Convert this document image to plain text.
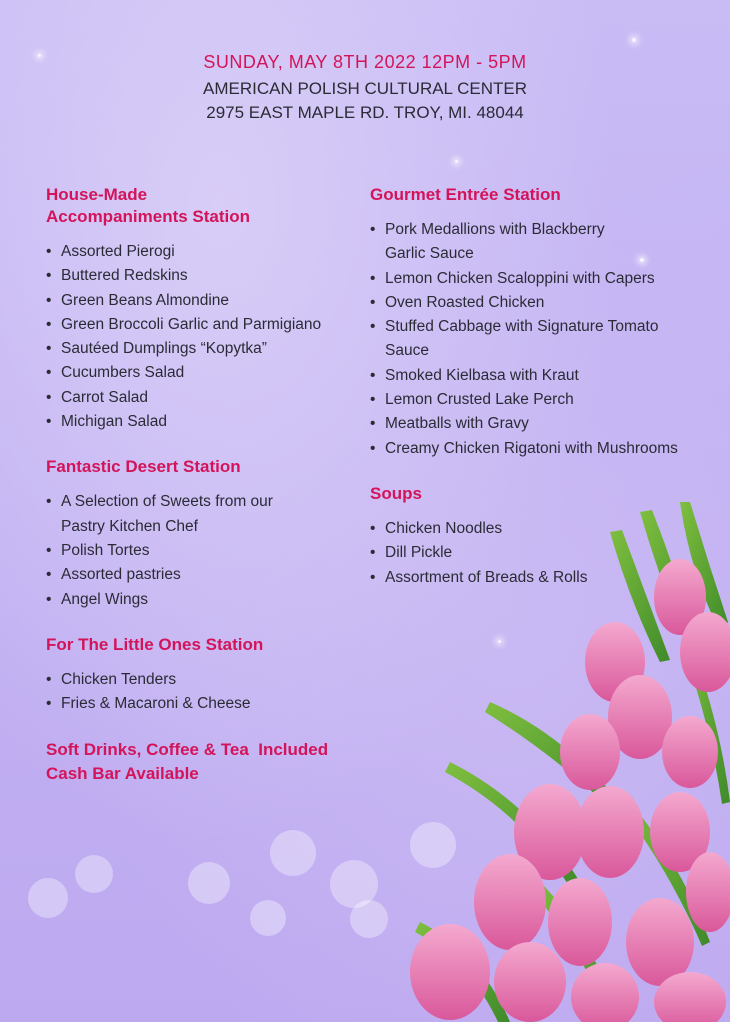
SUNDAY, MAY 8TH 2022 12PM - 5PM
AMERICAN POLISH CULTURAL CENTER
2975 EAST MAPLE RD. TROY, MI. 48044
House-Made
Accompaniments Station
• Assorted Pierogi
• Buttered Redskins
• Green Beans Almondine
• Green Broccoli Garlic and Parmigiano
• Sautéed Dumplings “Kopytka”
• Cucumbers Salad
• Carrot Salad
• Michigan Salad
Fantastic Desert Station
• A Selection of Sweets from our Pastry Kitchen Chef
• Polish Tortes
• Assorted pastries
• Angel Wings
For The Little Ones Station
• Chicken Tenders
• Fries & Macaroni & Cheese
Soft Drinks, Coffee & Tea  Included
Cash Bar Available
Gourmet Entrée Station
• Pork Medallions with Blackberry Garlic Sauce
• Lemon Chicken Scaloppini with Capers
• Oven Roasted Chicken
• Stuffed Cabbage with Signature Tomato Sauce
• Smoked Kielbasa with Kraut
• Lemon Crusted Lake Perch
• Meatballs with Gravy
• Creamy Chicken Rigatoni with Mushrooms
Soups
• Chicken Noodles
• Dill Pickle
• Assortment of Breads & Rolls
